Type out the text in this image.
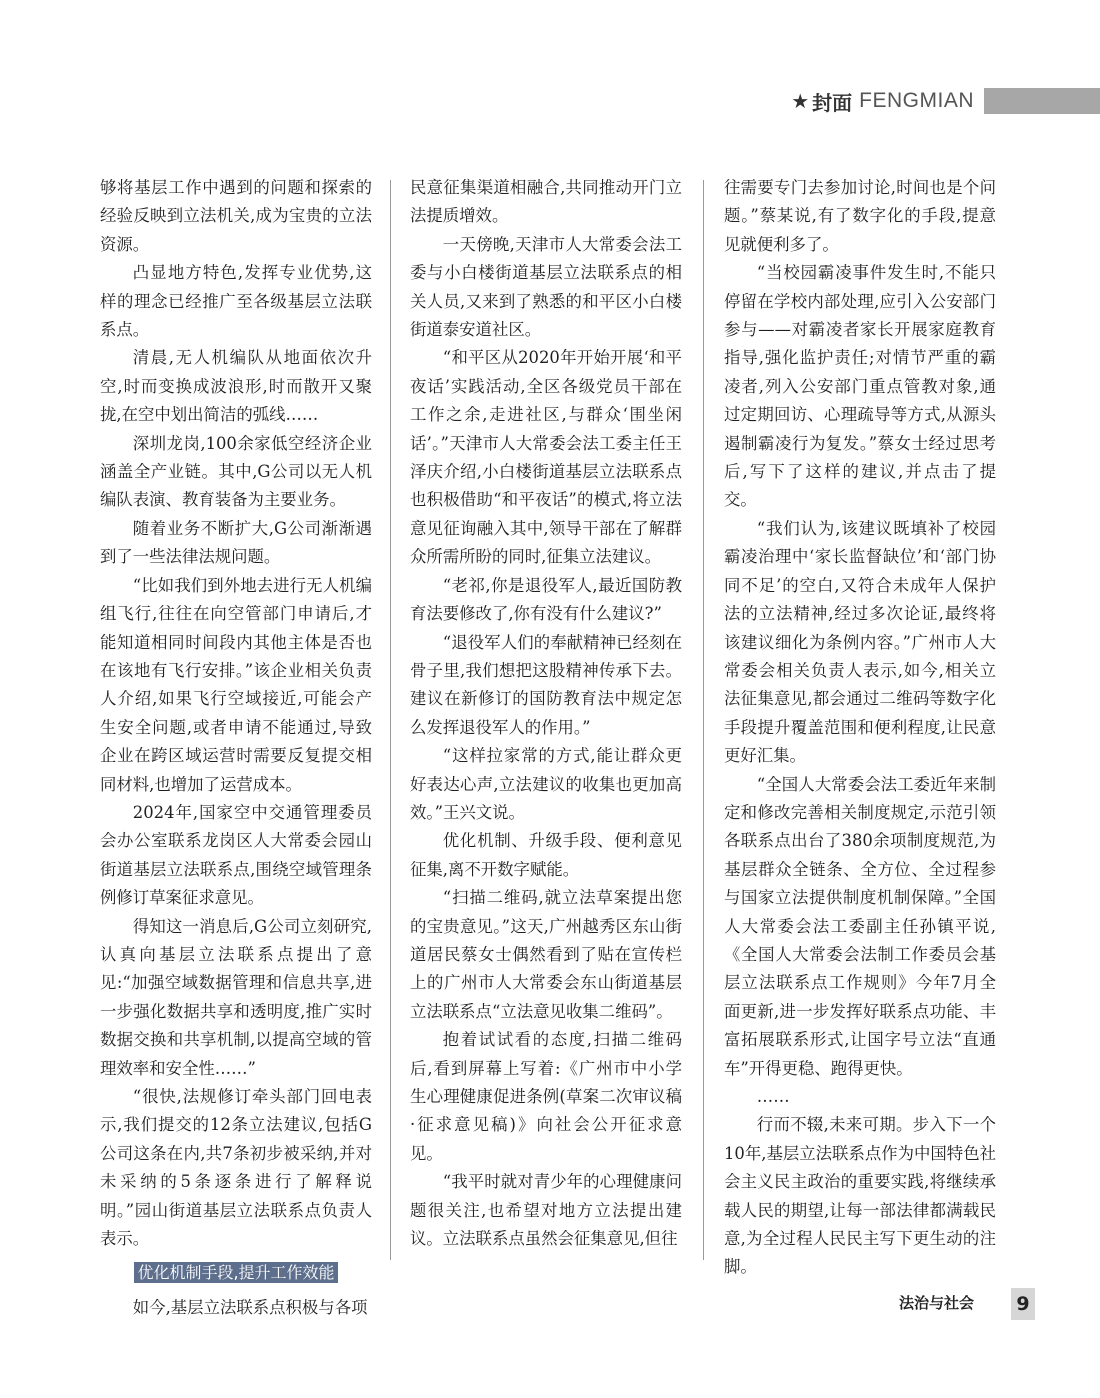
★ 封面 FENGMIAN

够将基层工作中遇到的问题和探索的经验反映到立法机关,成为宝贵的立法资源。

凸显地方特色,发挥专业优势,这样的理念已经推广至各级基层立法联系点。

清晨,无人机编队从地面依次升空,时而变换成波浪形,时而散开又聚拢,在空中划出简洁的弧线……

深圳龙岗,100余家低空经济企业涵盖全产业链。其中,G公司以无人机编队表演、教育装备为主要业务。

随着业务不断扩大,G公司渐渐遇到了一些法律法规问题。

“比如我们到外地去进行无人机编组飞行,往往在向空管部门申请后,才能知道相同时间段内其他主体是否也在该地有飞行安排。”该企业相关负责人介绍,如果飞行空域接近,可能会产生安全问题,或者申请不能通过,导致企业在跨区域运营时需要反复提交相同材料,也增加了运营成本。

2024年,国家空中交通管理委员会办公室联系龙岗区人大常委会园山街道基层立法联系点,围绕空域管理条例修订草案征求意见。

得知这一消息后,G公司立刻研究,认真向基层立法联系点提出了意见:“加强空域数据管理和信息共享,进一步强化数据共享和透明度,推广实时数据交换和共享机制,以提高空域的管理效率和安全性……”

“很快,法规修订牵头部门回电表示,我们提交的12条立法建议,包括G公司这条在内,共7条初步被采纳,并对未采纳的5条逐条进行了解释说明。”园山街道基层立法联系点负责人表示。

优化机制手段,提升工作效能

如今,基层立法联系点积极与各项

民意征集渠道相融合,共同推动开门立法提质增效。

一天傍晚,天津市人大常委会法工委与小白楼街道基层立法联系点的相关人员,又来到了熟悉的和平区小白楼街道泰安道社区。

“和平区从2020年开始开展‘和平夜话’实践活动,全区各级党员干部在工作之余,走进社区,与群众‘围坐闲话’。”天津市人大常委会法工委主任王泽庆介绍,小白楼街道基层立法联系点也积极借助“和平夜话”的模式,将立法意见征询融入其中,领导干部在了解群众所需所盼的同时,征集立法建议。

“老祁,你是退役军人,最近国防教育法要修改了,你有没有什么建议?”

“退役军人们的奉献精神已经刻在骨子里,我们想把这股精神传承下去。建议在新修订的国防教育法中规定怎么发挥退役军人的作用。”

“这样拉家常的方式,能让群众更好表达心声,立法建议的收集也更加高效。”王兴文说。

优化机制、升级手段、便利意见征集,离不开数字赋能。

“扫描二维码,就立法草案提出您的宝贵意见。”这天,广州越秀区东山街道居民蔡女士偶然看到了贴在宣传栏上的广州市人大常委会东山街道基层立法联系点“立法意见收集二维码”。

抱着试试看的态度,扫描二维码后,看到屏幕上写着:《广州市中小学生心理健康促进条例(草案二次审议稿·征求意见稿)》向社会公开征求意见。

“我平时就对青少年的心理健康问题很关注,也希望对地方立法提出建议。立法联系点虽然会征集意见,但往

往需要专门去参加讨论,时间也是个问题。”蔡某说,有了数字化的手段,提意见就便利多了。

“当校园霸凌事件发生时,不能只停留在学校内部处理,应引入公安部门参与——对霸凌者家长开展家庭教育指导,强化监护责任;对情节严重的霸凌者,列入公安部门重点管教对象,通过定期回访、心理疏导等方式,从源头遏制霸凌行为复发。”蔡女士经过思考后,写下了这样的建议,并点击了提交。

“我们认为,该建议既填补了校园霸凌治理中‘家长监督缺位’和‘部门协同不足’的空白,又符合未成年人保护法的立法精神,经过多次论证,最终将该建议细化为条例内容。”广州市人大常委会相关负责人表示,如今,相关立法征集意见,都会通过二维码等数字化手段提升覆盖范围和便利程度,让民意更好汇集。

“全国人大常委会法工委近年来制定和修改完善相关制度规定,示范引领各联系点出台了380余项制度规范,为基层群众全链条、全方位、全过程参与国家立法提供制度机制保障。”全国人大常委会法工委副主任孙镇平说,《全国人大常委会法制工作委员会基层立法联系点工作规则》今年7月全面更新,进一步发挥好联系点功能、丰富拓展联系形式,让国字号立法“直通车”开得更稳、跑得更快。

……

行而不辍,未来可期。步入下一个10年,基层立法联系点作为中国特色社会主义民主政治的重要实践,将继续承载人民的期望,让每一部法律都满载民意,为全过程人民民主写下更生动的注脚。

法治与社会 9
